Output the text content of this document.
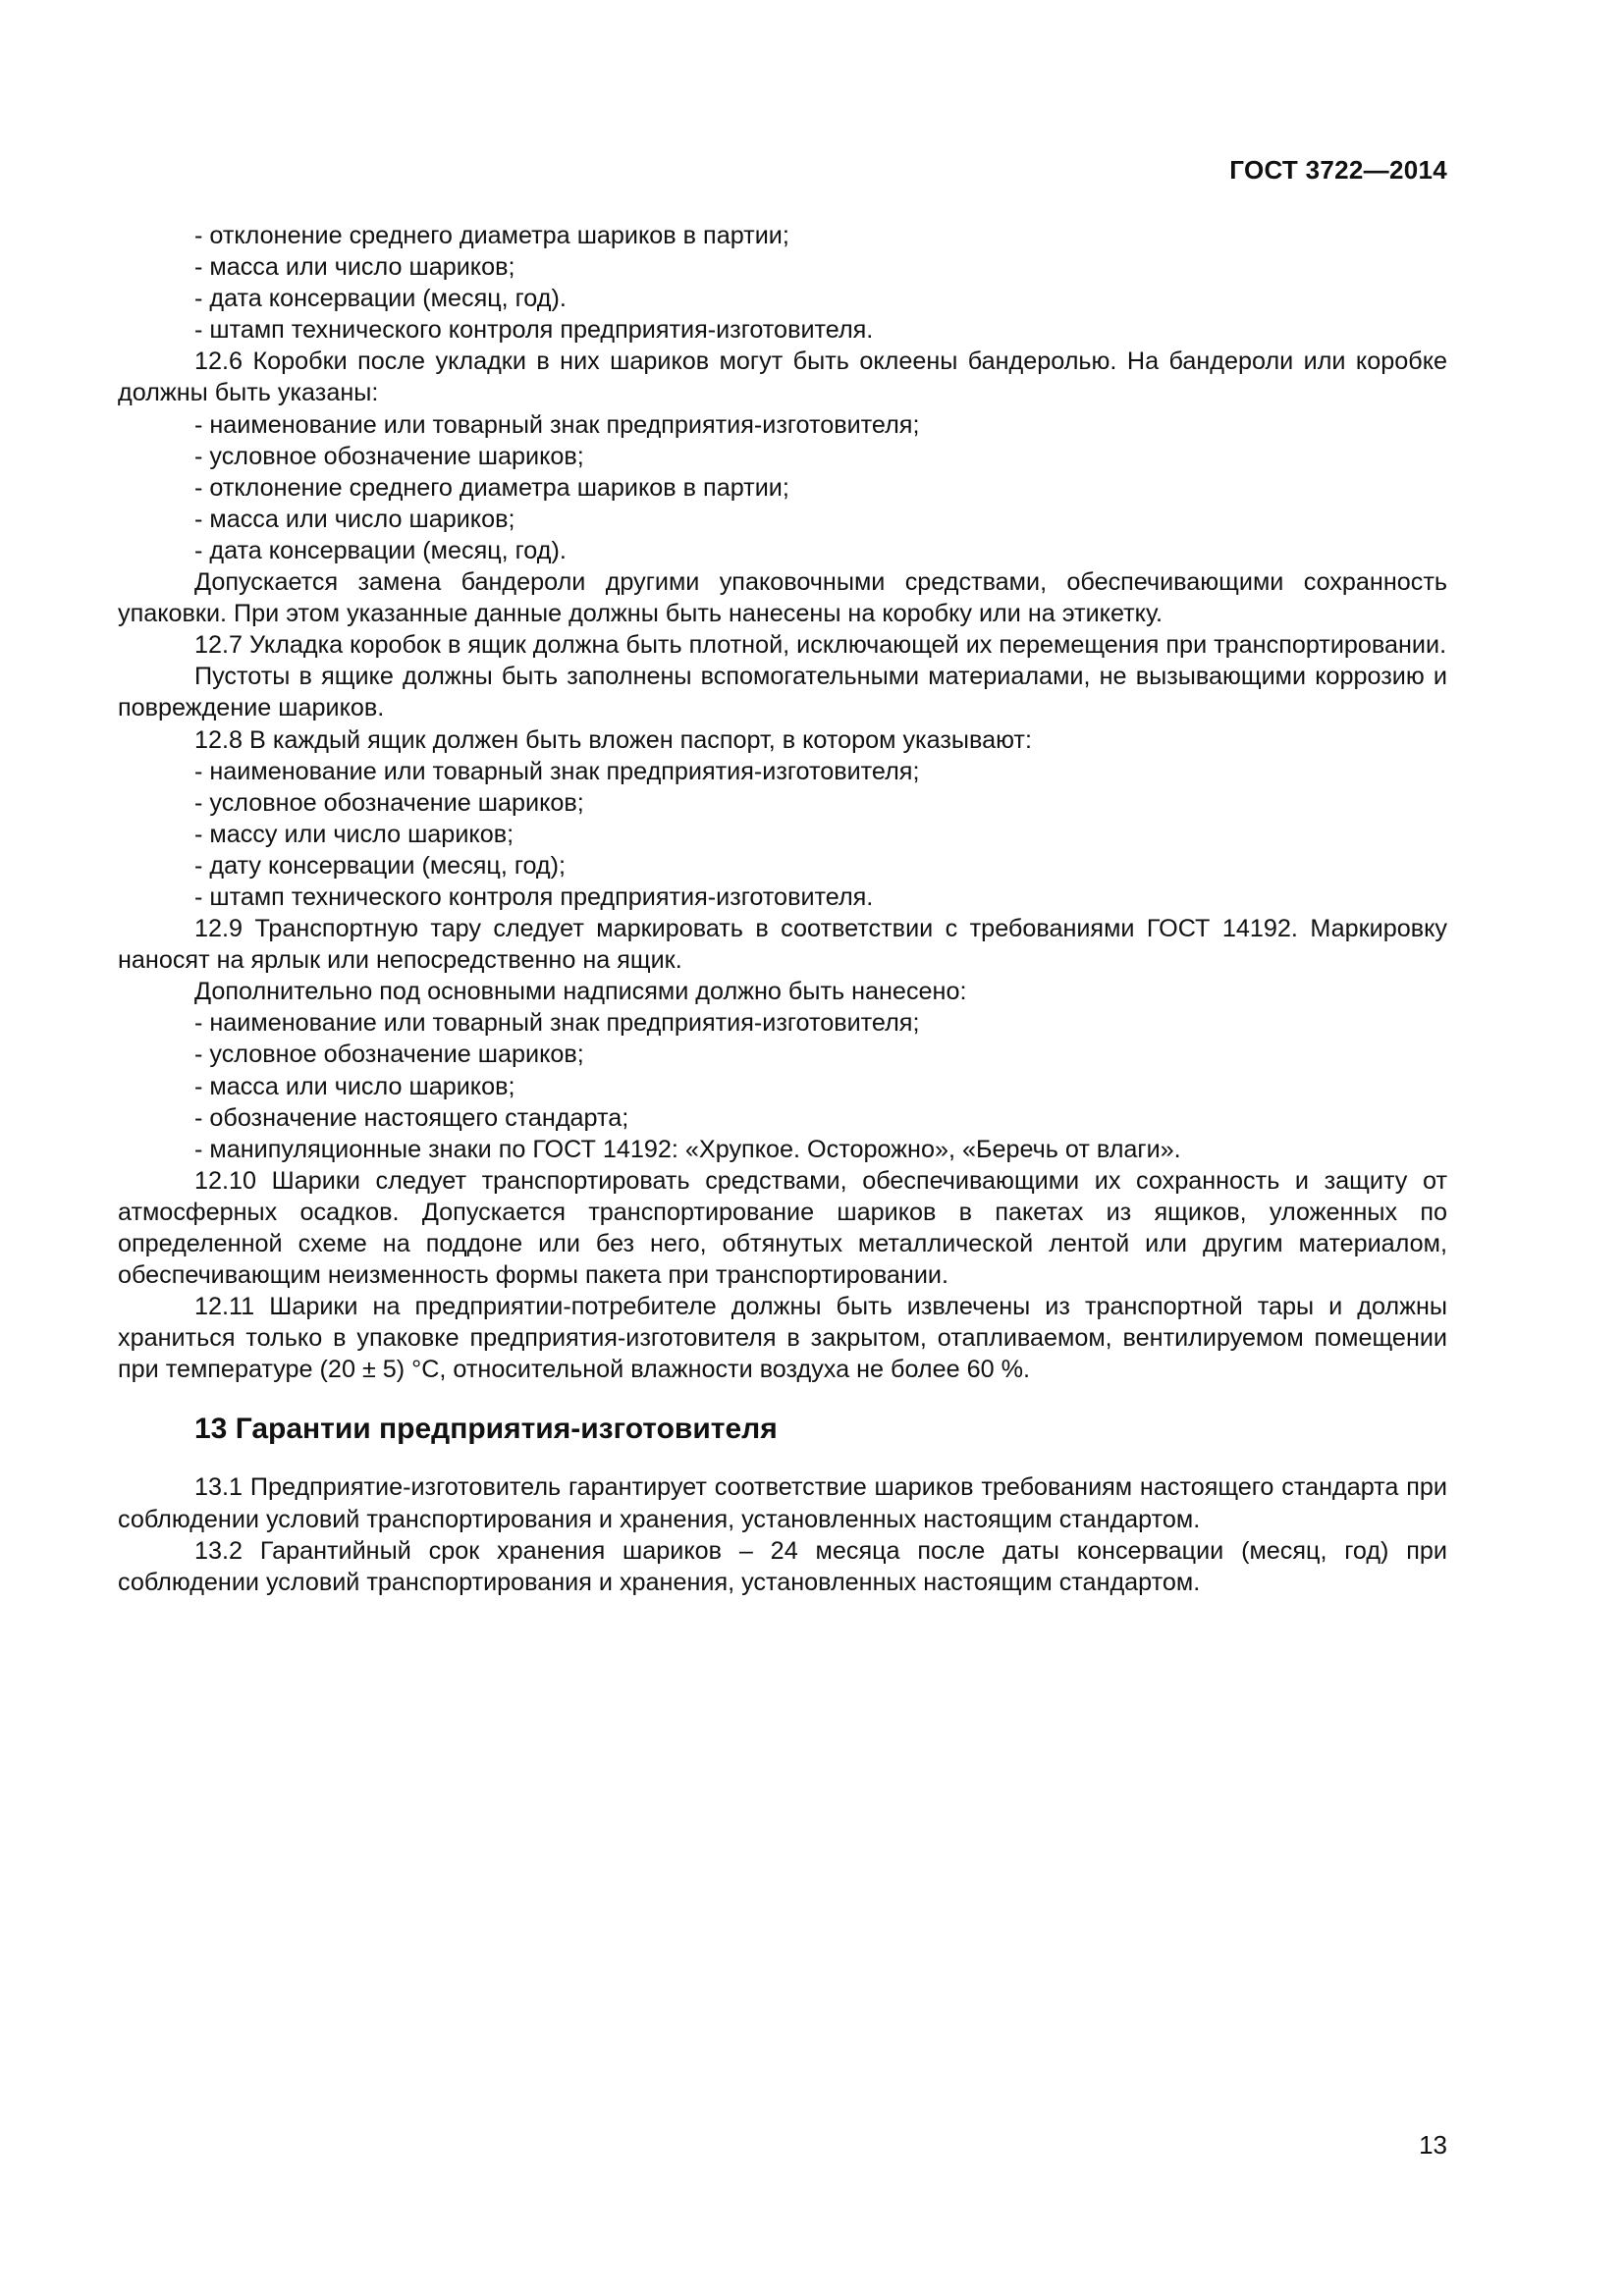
ГОСТ 3722—2014

- отклонение среднего диаметра шариков в партии;

- масса или число шариков;

- дата консервации (месяц, год).

- штамп технического контроля предприятия-изготовителя.

12.6 Коробки после укладки в них шариков могут быть оклеены бандеролью. На бандероли или коробке должны быть указаны:

- наименование или товарный знак предприятия-изготовителя;

- условное обозначение шариков;

- отклонение среднего диаметра шариков в партии;

- масса или число шариков;

- дата консервации (месяц, год).

Допускается замена бандероли другими упаковочными средствами, обеспечивающими сохранность упаковки. При этом указанные данные должны быть нанесены на коробку или на этикетку.

12.7 Укладка коробок в ящик должна быть плотной, исключающей их перемещения при транспортировании.

Пустоты в ящике должны быть заполнены вспомогательными материалами, не вызывающими коррозию и повреждение шариков.

12.8 В каждый ящик должен быть вложен паспорт, в котором указывают:

- наименование или товарный знак предприятия-изготовителя;

- условное обозначение шариков;

- массу или число шариков;

- дату консервации (месяц, год);

- штамп технического контроля предприятия-изготовителя.

12.9 Транспортную тару следует маркировать в соответствии с требованиями ГОСТ 14192. Маркировку наносят на ярлык или непосредственно на ящик.

Дополнительно под основными надписями должно быть нанесено:

- наименование или товарный знак предприятия-изготовителя;

- условное обозначение шариков;

- масса или число шариков;

- обозначение настоящего стандарта;

- манипуляционные знаки по ГОСТ 14192: «Хрупкое. Осторожно», «Беречь от влаги».

12.10 Шарики следует транспортировать средствами, обеспечивающими их сохранность и защиту от атмосферных осадков. Допускается транспортирование шариков в пакетах из ящиков, уложенных по определенной схеме на поддоне или без него, обтянутых металлической лентой или другим материалом, обеспечивающим неизменность формы пакета при транспортировании.

12.11 Шарики на предприятии-потребителе должны быть извлечены из транспортной тары и должны храниться только в упаковке предприятия-изготовителя в закрытом, отапливаемом, вентилируемом помещении при температуре (20 ± 5) °С, относительной влажности воздуха не более 60 %.

13 Гарантии предприятия-изготовителя

13.1 Предприятие-изготовитель гарантирует соответствие шариков требованиям настоящего стандарта при соблюдении условий транспортирования и хранения, установленных настоящим стандартом.

13.2 Гарантийный срок хранения шариков – 24 месяца после даты консервации (месяц, год) при соблюдении условий транспортирования и хранения, установленных настоящим стандартом.

13
